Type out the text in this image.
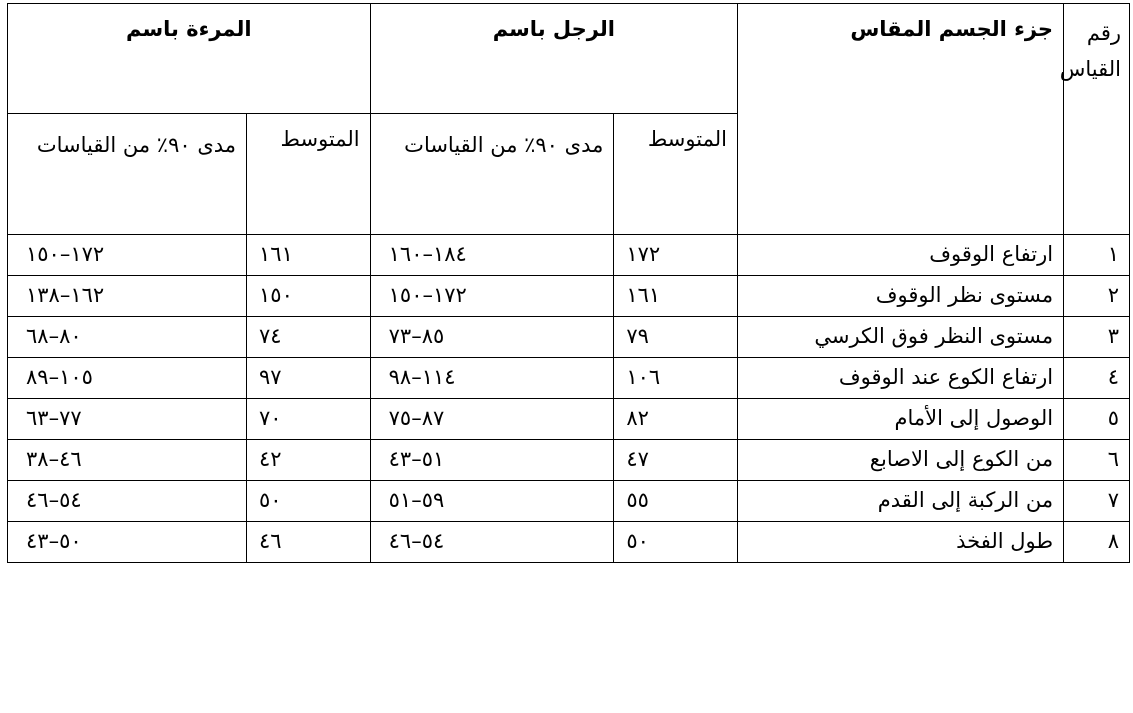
رقم القياس	جزء الجسم المقاس	الرجل باسم		المرءة باسم	
		المتوسط	مدى ٩٠٪ من القياسات	المتوسط	مدى ٩٠٪ من القياسات
١	ارتفاع الوقوف	١٧٢	١٨٤–١٦٠	١٦١	١٧٢–١٥٠
٢	مستوى نظر الوقوف	١٦١	١٧٢–١٥٠	١٥٠	١٦٢–١٣٨
٣	مستوى النظر فوق الكرسي	٧٩	٨٥–٧٣	٧٤	٨٠–٦٨
٤	ارتفاع الكوع عند الوقوف	١٠٦	١١٤–٩٨	٩٧	١٠٥–٨٩
٥	الوصول إلى الأمام	٨٢	٨٧–٧٥	٧٠	٧٧–٦٣
٦	من الكوع إلى الاصابع	٤٧	٥١–٤٣	٤٢	٤٦–٣٨
٧	من الركبة إلى القدم	٥٥	٥٩–٥١	٥٠	٥٤–٤٦
٨	طول الفخذ	٥٠	٥٤–٤٦	٤٦	٥٠–٤٣
